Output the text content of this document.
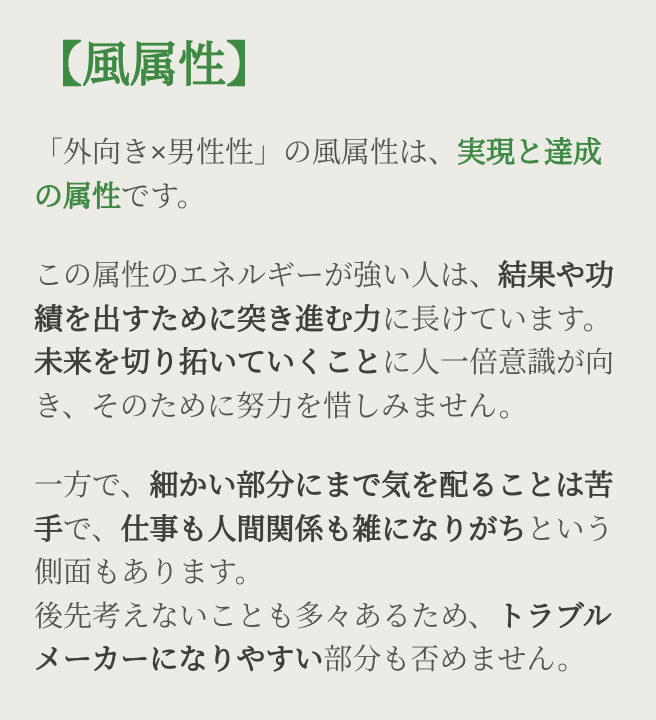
【風属性】

「外向き×男性性」の風属性は、実現と達成の属性です。

この属性のエネルギーが強い人は、結果や功績を出すために突き進む力に長けています。未来を切り拓いていくことに人一倍意識が向き、そのために努力を惜しみません。

一方で、細かい部分にまで気を配ることは苦手で、仕事も人間関係も雑になりがちという側面もあります。
後先考えないことも多々あるため、トラブルメーカーになりやすい部分も否めません。
